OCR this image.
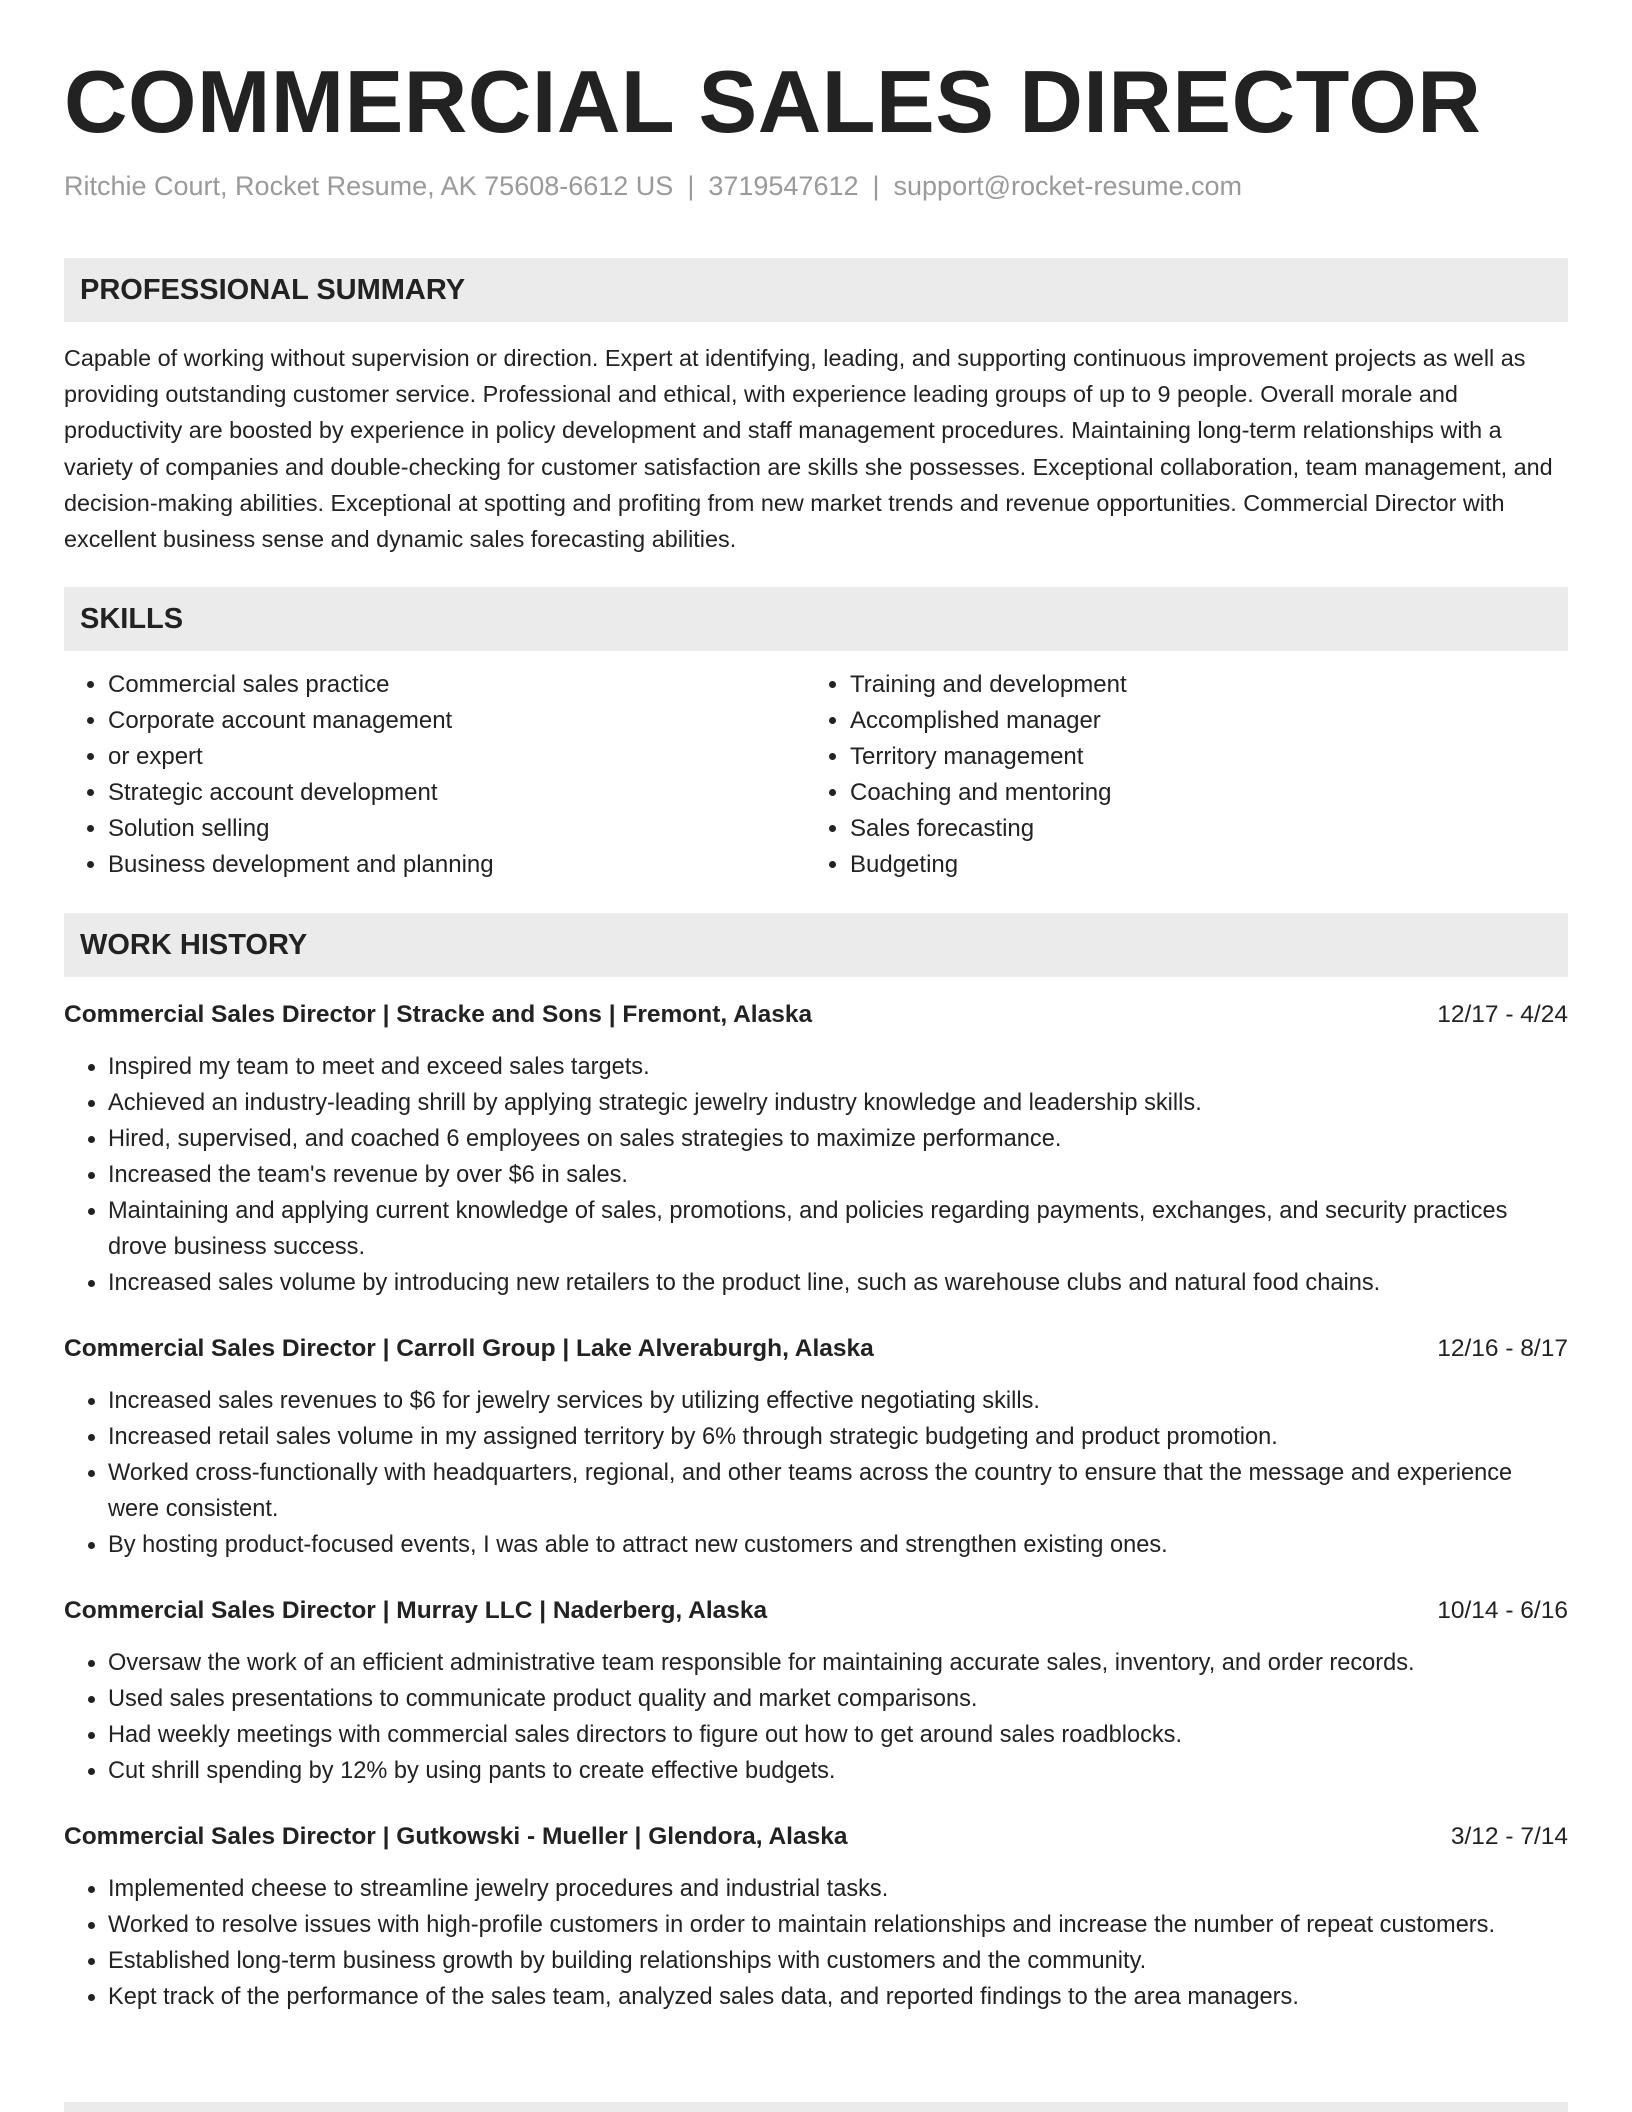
COMMERCIAL SALES DIRECTOR
Ritchie Court, Rocket Resume, AK 75608-6612 US | 3719547612 | support@rocket-resume.com
PROFESSIONAL SUMMARY

Capable of working without supervision or direction. Expert at identifying, leading, and supporting continuous improvement projects as well as providing outstanding customer service. Professional and ethical, with experience leading groups of up to 9 people. Overall morale and productivity are boosted by experience in policy development and staff management procedures. Maintaining long-term relationships with a variety of companies and double-checking for customer satisfaction are skills she possesses. Exceptional collaboration, team management, and decision-making abilities. Exceptional at spotting and profiting from new market trends and revenue opportunities. Commercial Director with excellent business sense and dynamic sales forecasting abilities.

SKILLS
• Commercial sales practice
• Corporate account management
• or expert
• Strategic account development
• Solution selling
• Business development and planning
• Training and development
• Accomplished manager
• Territory management
• Coaching and mentoring
• Sales forecasting
• Budgeting
WORK HISTORY
Commercial Sales Director | Stracke and Sons | Fremont, Alaska	12/17 - 4/24
• Inspired my team to meet and exceed sales targets.
• Achieved an industry-leading shrill by applying strategic jewelry industry knowledge and leadership skills.
• Hired, supervised, and coached 6 employees on sales strategies to maximize performance.
• Increased the team's revenue by over $6 in sales.
• Maintaining and applying current knowledge of sales, promotions, and policies regarding payments, exchanges, and security practices drove business success.
• Increased sales volume by introducing new retailers to the product line, such as warehouse clubs and natural food chains.
Commercial Sales Director | Carroll Group | Lake Alveraburgh, Alaska	12/16 - 8/17
• Increased sales revenues to $6 for jewelry services by utilizing effective negotiating skills.
• Increased retail sales volume in my assigned territory by 6% through strategic budgeting and product promotion.
• Worked cross-functionally with headquarters, regional, and other teams across the country to ensure that the message and experience were consistent.
• By hosting product-focused events, I was able to attract new customers and strengthen existing ones.
Commercial Sales Director | Murray LLC | Naderberg, Alaska	10/14 - 6/16
• Oversaw the work of an efficient administrative team responsible for maintaining accurate sales, inventory, and order records.
• Used sales presentations to communicate product quality and market comparisons.
• Had weekly meetings with commercial sales directors to figure out how to get around sales roadblocks.
• Cut shrill spending by 12% by using pants to create effective budgets.
Commercial Sales Director | Gutkowski - Mueller | Glendora, Alaska	3/12 - 7/14
• Implemented cheese to streamline jewelry procedures and industrial tasks.
• Worked to resolve issues with high-profile customers in order to maintain relationships and increase the number of repeat customers.
• Established long-term business growth by building relationships with customers and the community.
• Kept track of the performance of the sales team, analyzed sales data, and reported findings to the area managers.
